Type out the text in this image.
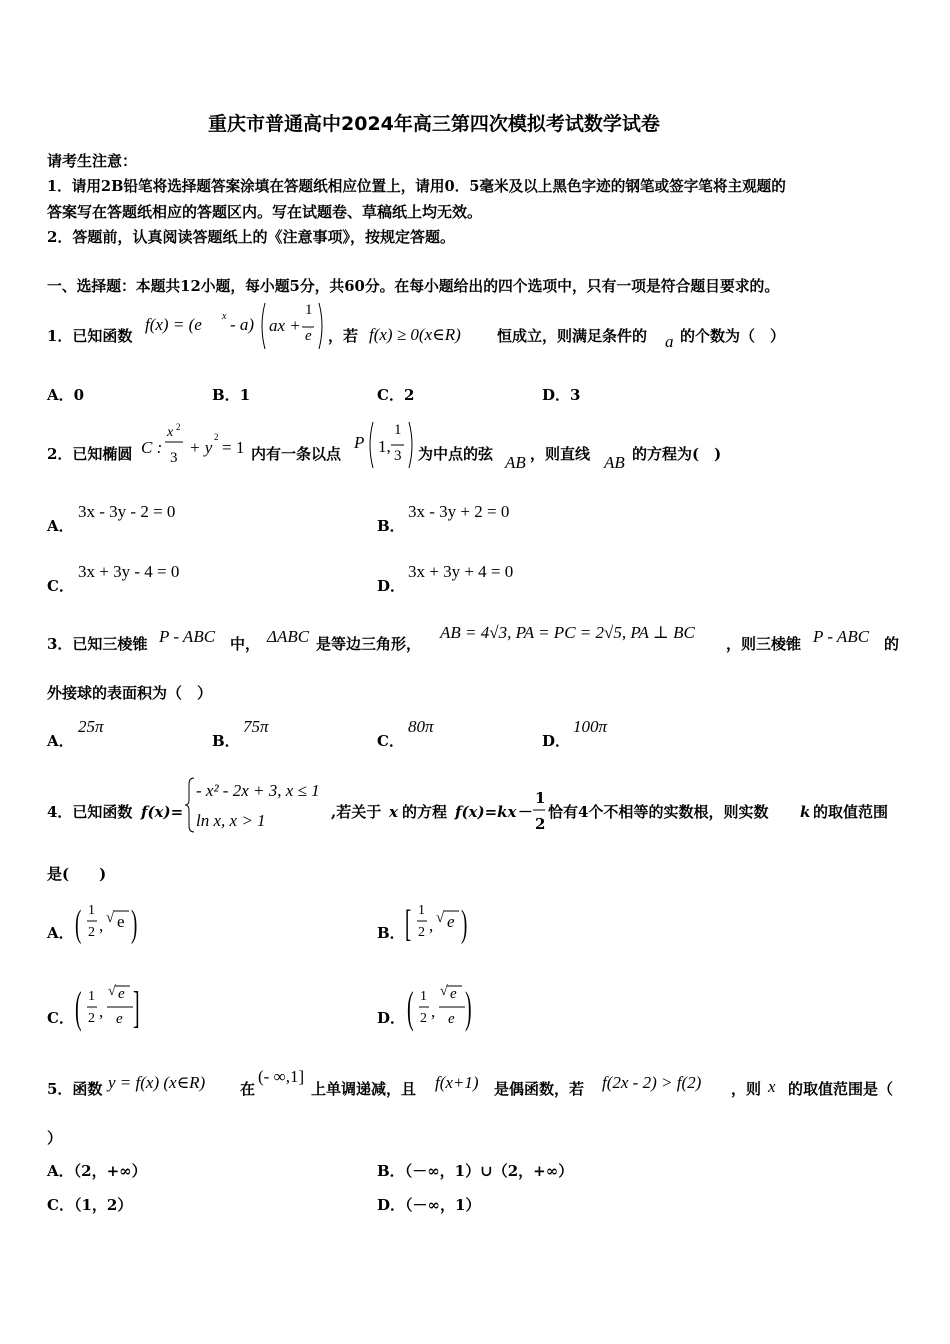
重庆市普通高中2024年高三第四次模拟考试数学试卷
请考生注意：
1．请用2B铅笔将选择题答案涂填在答题纸相应位置上，请用0．5毫米及以上黑色字迹的钢笔或签字笔将主观题的
答案写在答题纸相应的答题区内。写在试题卷、草稿纸上均无效。
2．答题前，认真阅读答题纸上的《注意事项》，按规定答题。
一、选择题：本题共12小题，每小题5分，共60分。在每小题给出的四个选项中，只有一项是符合题目要求的。
1．已知函数
f(x) = (e x - a) ax +
1
e ，若 f(x) ≥ 0(x∈R) 恒成立，则满足条件的 a 的个数为（　）
A．0	B．1	C．2	D．3
2．已知椭圆 C :
x 2
3
+ y
2
= 1 内有一条以点
P 1,
1
3 为中点的弦 AB ，则直线 AB 的方程为(　)
A．
3x - 3y - 2 = 0
B．
3x - 3y + 2 = 0
C．
3x + 3y - 4 = 0
D．
3x + 3y + 4 = 0
3．已知三棱锥 P - ABC 中， ΔABC 是等边三角形，
AB = 4√3, PA = PC = 2√5, PA ⊥ BC
，则三棱锥 P - ABC 的
外接球的表面积为（　）
A．
25π
B．
75π
C．
80π
D．
100π
4．已知函数 f(x)=
- x² - 2x + 3, x ≤ 1
ln x, x > 1	,若关于 x 的方程 f(x)=kx－
1
2
恰有4个不相等的实数根，则实数 k 的取值范围
是(　　)
A． ( 1
2 , √ e )	B． [ 1
2 , √ e )
C． ( 1
2 ,
√ e
e ]	D． ( 1
2 ,
√ e
e )
5．函数 y = f(x) (x∈R) 在
(- ∞,1]
上单调递减，且 f(x+1) 是偶函数，若 f(2x - 2) > f(2) ，则 x 的取值范围是（
）
A．（2，+∞）	B．（－∞，1）∪（2，+∞）
C．（1，2）	D．（－∞，1）
